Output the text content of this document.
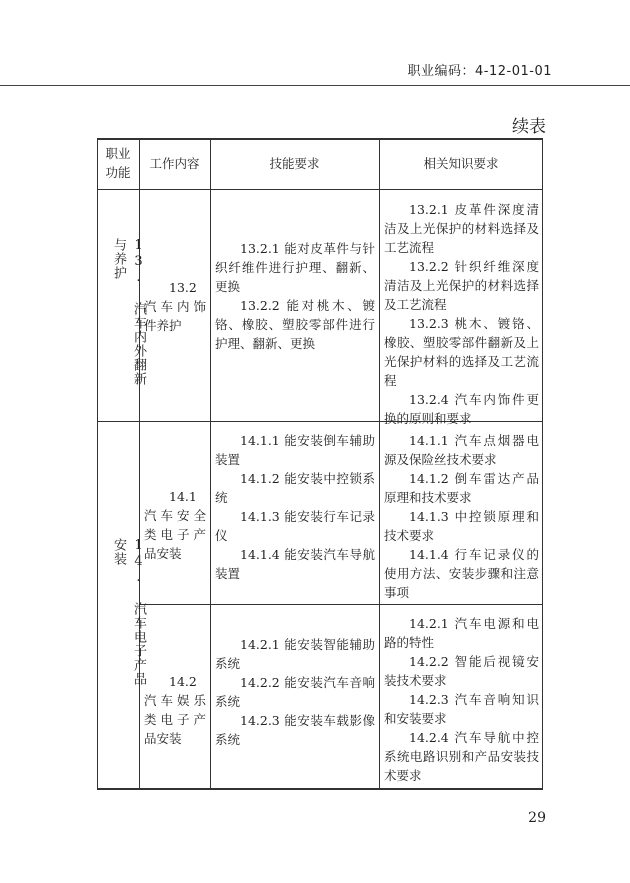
职业编码：4-12-01-01
续表
职业功能
工作内容	技能要求	相关知识要求
13. 汽车内外翻新与养护
13.2 汽车内饰件养护

13.2.1 能对皮革件与针织纤维件进行护理、翻新、更换

13.2.2 能对桃木、镀铬、橡胶、塑胶零部件进行护理、翻新、更换

13.2.1 皮革件深度清洁及上光保护的材料选择及工艺流程

13.2.2 针织纤维深度清洁及上光保护的材料选择及工艺流程

13.2.3 桃木、镀铬、橡胶、塑胶零部件翻新及上光保护材料的选择及工艺流程

13.2.4 汽车内饰件更换的原则和要求

14. 汽车电子产品安装
14.1 汽车安全类电子产品安装

14.1.1 能安装倒车辅助装置

14.1.2 能安装中控锁系统

14.1.3 能安装行车记录仪

14.1.4 能安装汽车导航装置

14.1.1 汽车点烟器电源及保险丝技术要求

14.1.2 倒车雷达产品原理和技术要求

14.1.3 中控锁原理和技术要求

14.1.4 行车记录仪的使用方法、安装步骤和注意事项

14.2 汽车娱乐类电子产品安装

14.2.1 能安装智能辅助系统

14.2.2 能安装汽车音响系统

14.2.3 能安装车载影像系统

14.2.1 汽车电源和电路的特性

14.2.2 智能后视镜安装技术要求

14.2.3 汽车音响知识和安装要求

14.2.4 汽车导航中控系统电路识别和产品安装技术要求

29
